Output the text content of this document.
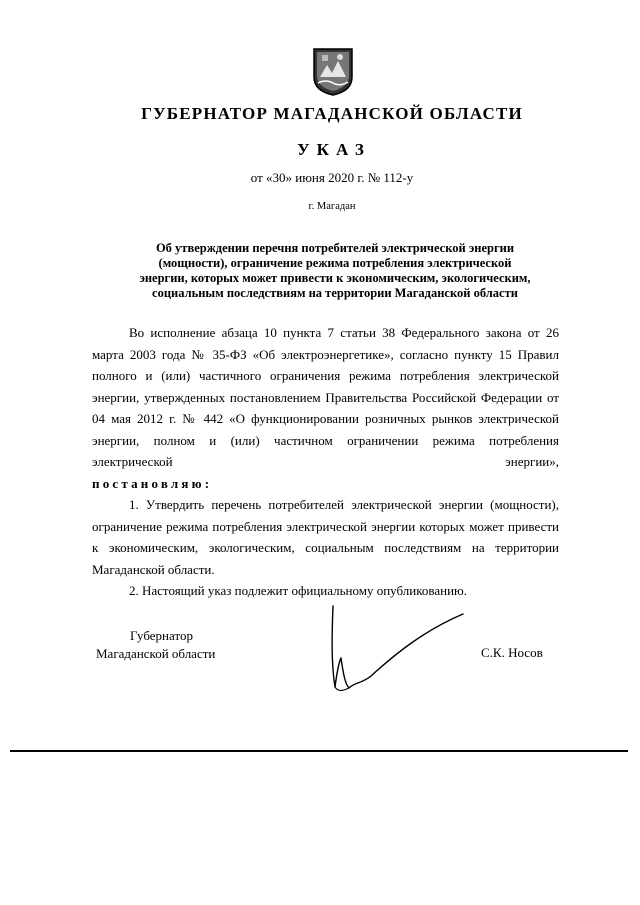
ГУБЕРНАТОР МАГАДАНСКОЙ ОБЛАСТИ
УКАЗ
от «30» июня 2020 г. № 112-у
г. Магадан
Об утверждении перечня потребителей электрической энергии
(мощности), ограничение режима потребления электрической
энергии, которых может привести к экономическим, экологическим,
социальным последствиям на территории Магаданской области

Во исполнение абзаца 10 пункта 7 статьи 38 Федерального закона от 26 марта 2003 года № 35-ФЗ «Об электроэнергетике», согласно пункту 15 Правил полного и (или) частичного ограничения режима потребления электрической энергии, утвержденных постановлением Правительства Российской Федерации от 04 мая 2012 г. № 442 «О функционировании розничных рынков электрической энергии, полном и (или) частичном ограничении режима потребления электрической энергии»,

постановляю:

1. Утвердить перечень потребителей электрической энергии (мощности), ограничение режима потребления электрической энергии которых может привести к экономическим, экологическим, социальным последствиям на территории Магаданской области.

2. Настоящий указ подлежит официальному опубликованию.

Губернатор
Магаданской области	С.К. Носов
